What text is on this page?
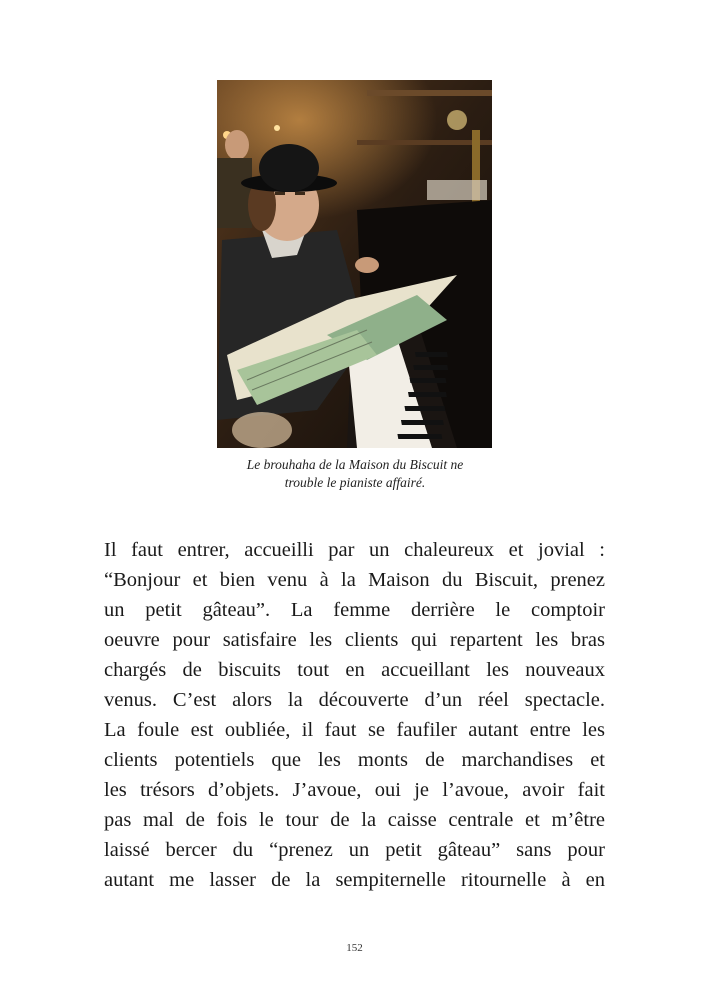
Le brouhaha de la Maison du Biscuit ne
trouble le pianiste affairé.
Il faut entrer, accueilli par un chaleureux et jovial :
“Bonjour et bien venu à la Maison du Biscuit, prenez
un petit gâteau”. La femme derrière le comptoir
oeuvre pour satisfaire les clients qui repartent les bras
chargés de biscuits tout en accueillant les nouveaux
venus. C’est alors la découverte d’un réel spectacle.
La foule est oubliée, il faut se faufiler autant entre les
clients potentiels que les monts de marchandises et
les trésors d’objets. J’avoue, oui je l’avoue, avoir fait
pas mal de fois le tour de la caisse centrale et m’être
laissé bercer du “prenez un petit gâteau” sans pour
autant me lasser de la sempiternelle ritournelle à en
152
